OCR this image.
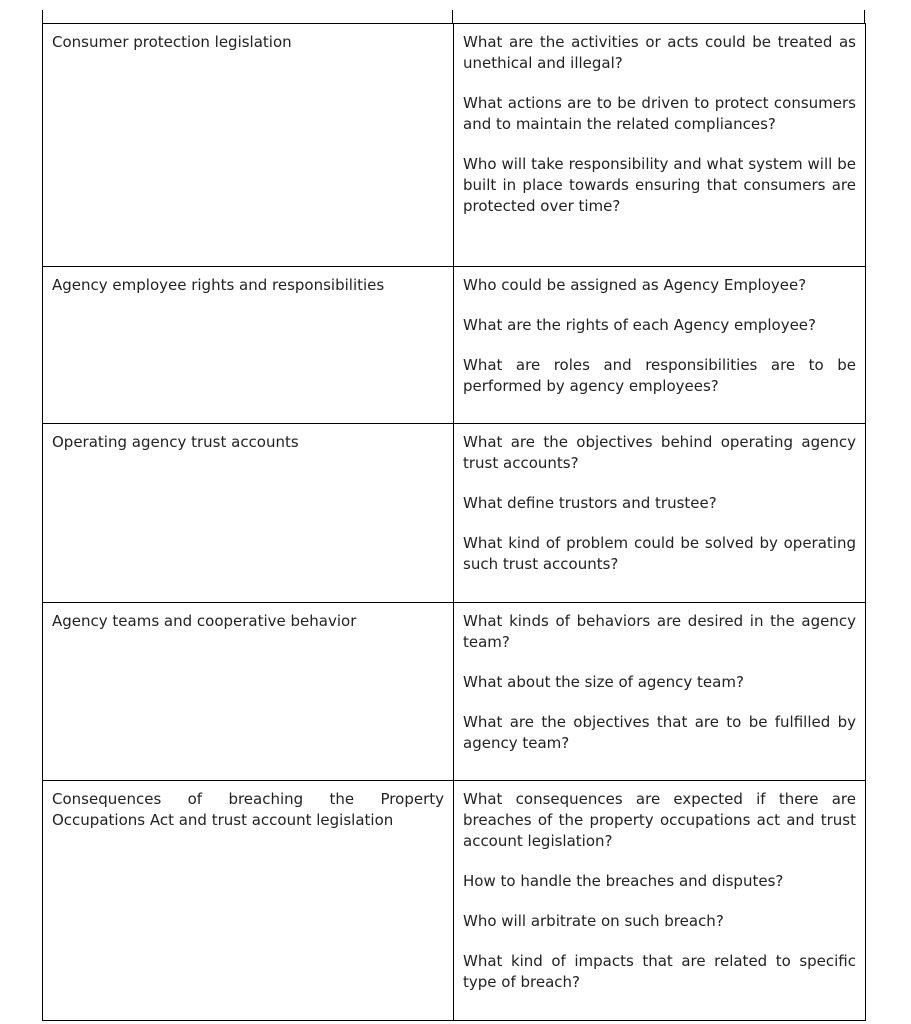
Consumer protection legislation	What are the activities or acts could be treated as unethical and illegal?

What actions are to be driven to protect consumers and to maintain the related compliances?

Who will take responsibility and what system will be built in place towards ensuring that consumers are protected over time?

Agency employee rights and responsibilities	Who could be assigned as Agency Employee?

What are the rights of each Agency employee?

What are roles and responsibilities are to be performed by agency employees?

Operating agency trust accounts	What are the objectives behind operating agency trust accounts?

What define trustors and trustee?

What kind of problem could be solved by operating such trust accounts?

Agency teams and cooperative behavior	What kinds of behaviors are desired in the agency team?

What about the size of agency team?

What are the objectives that are to be fulfilled by agency team?

Consequences of breaching the Property Occupations Act and trust account legislation	What consequences are expected if there are breaches of the property occupations act and trust account legislation?

How to handle the breaches and disputes?

Who will arbitrate on such breach?

What kind of impacts that are related to specific type of breach?
